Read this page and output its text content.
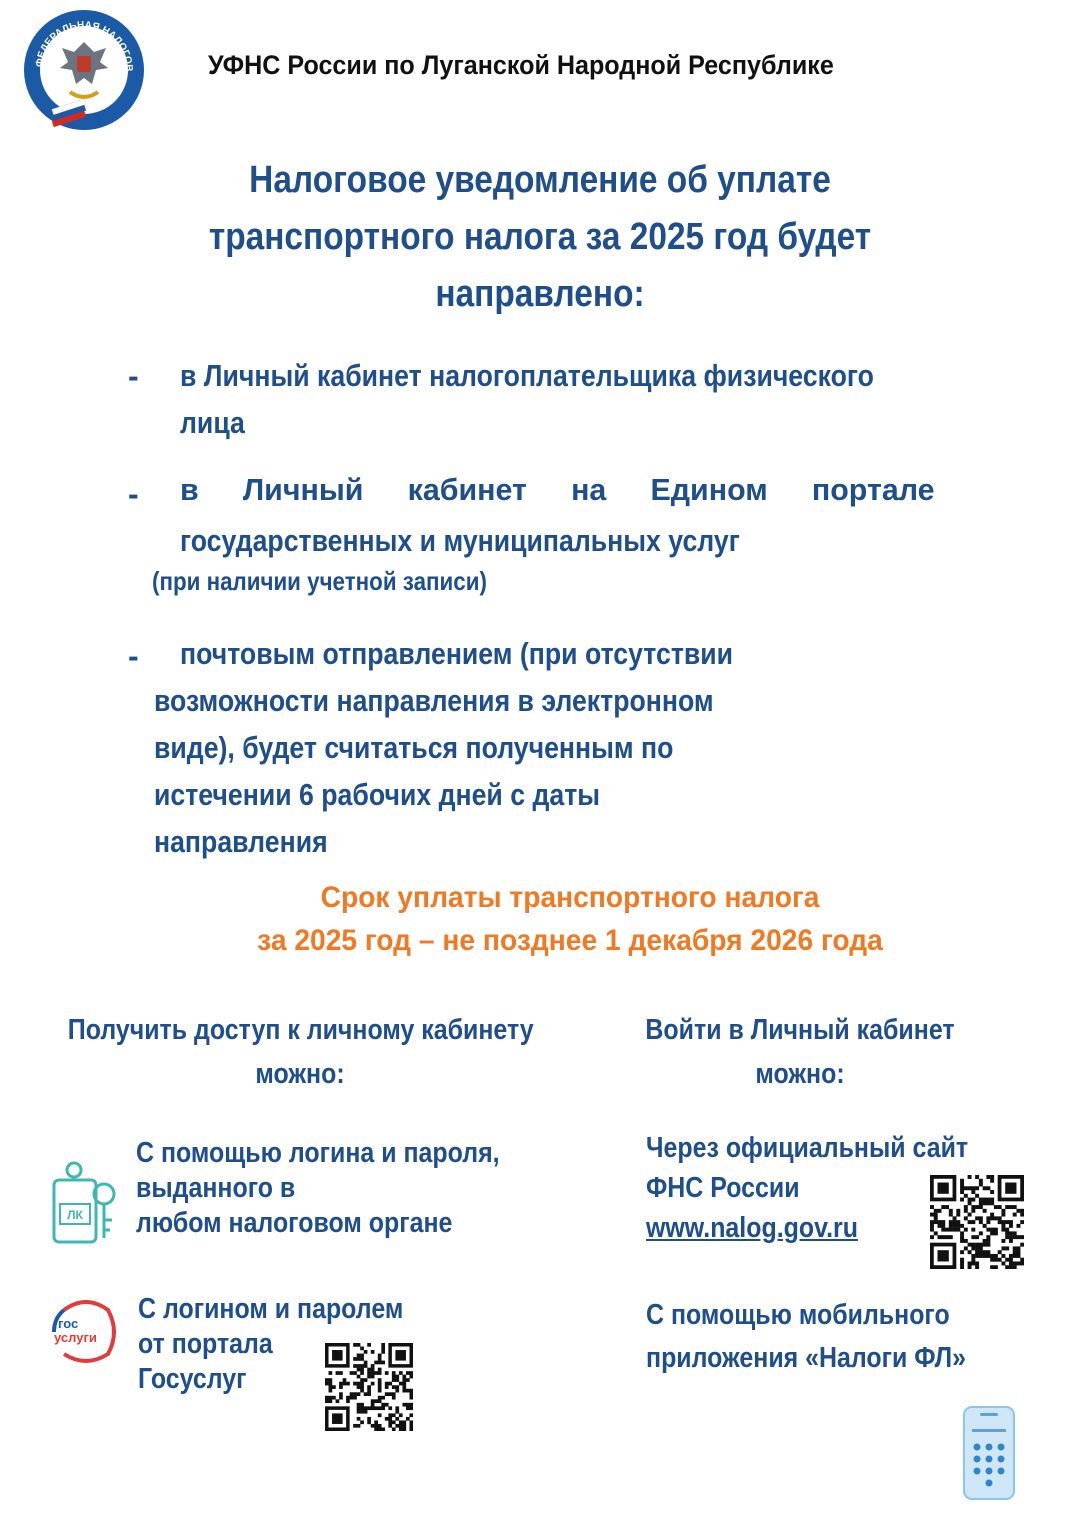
ФЕДЕРАЛЬНАЯ НАЛОГОВ	УФНС России по Луганской Народной Республике
Налоговое уведомление об уплате
транспортного налога за 2025 год будет
направлено:
- в Личный кабинет налогоплательщика физического
лица
- в Личный кабинет на Едином портале
государственных и муниципальных услуг
(при наличии учетной записи)
- почтовым отправлением (при отсутствии
возможности направления в электронном
виде), будет считаться полученным по
истечении 6 рабочих дней с даты
направления
Срок уплаты транспортного налога
за 2025 год – не позднее 1 декабря 2026 года
Получить доступ к личному кабинету
можно:
Войти в Личный кабинет
можно:
ЛК
С помощью логина и пароля,
выданного в
любом налоговом органе
гос
услуги
С логином и паролем
от портала
Госуслуг
Через официальный сайт
ФНС России
www.nalog.gov.ru
С помощью мобильного
приложения «Налоги ФЛ»
